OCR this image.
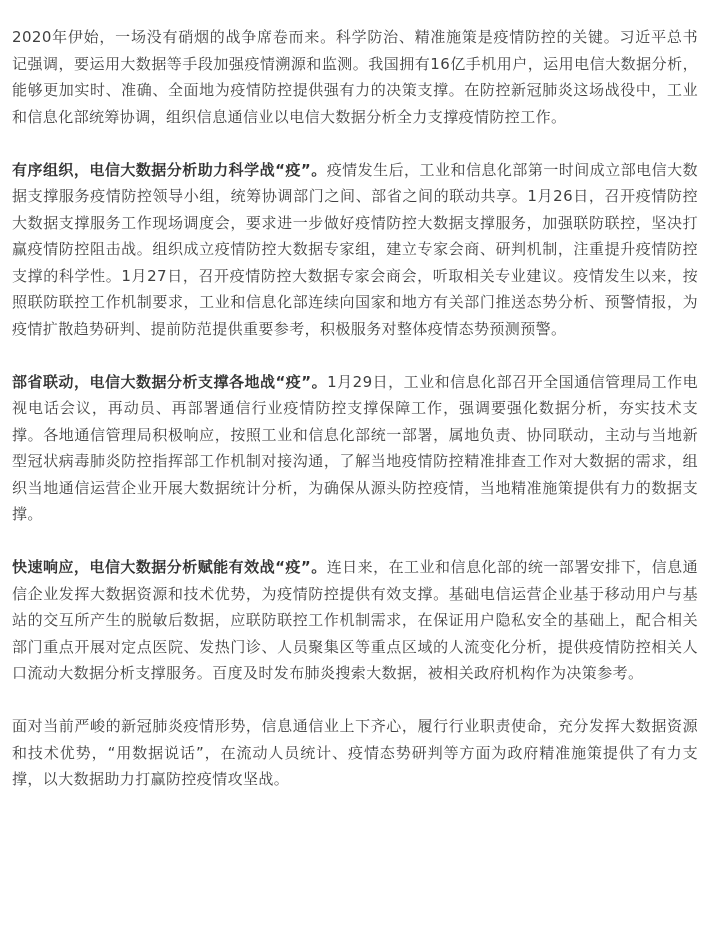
2020年伊始，一场没有硝烟的战争席卷而来。科学防治、精准施策是疫情防控的关键。习近平总书记强调，要运用大数据等手段加强疫情溯源和监测。我国拥有16亿手机用户，运用电信大数据分析，能够更加实时、准确、全面地为疫情防控提供强有力的决策支撑。在防控新冠肺炎这场战役中，工业和信息化部统筹协调，组织信息通信业以电信大数据分析全力支撑疫情防控工作。

有序组织，电信大数据分析助力科学战“疫”。疫情发生后，工业和信息化部第一时间成立部电信大数据支撑服务疫情防控领导小组，统筹协调部门之间、部省之间的联动共享。1月26日，召开疫情防控大数据支撑服务工作现场调度会，要求进一步做好疫情防控大数据支撑服务，加强联防联控，坚决打赢疫情防控阻击战。组织成立疫情防控大数据专家组，建立专家会商、研判机制，注重提升疫情防控支撑的科学性。1月27日，召开疫情防控大数据专家会商会，听取相关专业建议。疫情发生以来，按照联防联控工作机制要求，工业和信息化部连续向国家和地方有关部门推送态势分析、预警情报，为疫情扩散趋势研判、提前防范提供重要参考，积极服务对整体疫情态势预测预警。

部省联动，电信大数据分析支撑各地战“疫”。1月29日，工业和信息化部召开全国通信管理局工作电视电话会议，再动员、再部署通信行业疫情防控支撑保障工作，强调要强化数据分析，夯实技术支撑。各地通信管理局积极响应，按照工业和信息化部统一部署，属地负责、协同联动，主动与当地新型冠状病毒肺炎防控指挥部工作机制对接沟通，了解当地疫情防控精准排查工作对大数据的需求，组织当地通信运营企业开展大数据统计分析，为确保从源头防控疫情，当地精准施策提供有力的数据支撑。

快速响应，电信大数据分析赋能有效战“疫”。连日来，在工业和信息化部的统一部署安排下，信息通信企业发挥大数据资源和技术优势，为疫情防控提供有效支撑。基础电信运营企业基于移动用户与基站的交互所产生的脱敏后数据，应联防联控工作机制需求，在保证用户隐私安全的基础上，配合相关部门重点开展对定点医院、发热门诊、人员聚集区等重点区域的人流变化分析，提供疫情防控相关人口流动大数据分析支撑服务。百度及时发布肺炎搜索大数据，被相关政府机构作为决策参考。

面对当前严峻的新冠肺炎疫情形势，信息通信业上下齐心，履行行业职责使命，充分发挥大数据资源和技术优势，“用数据说话”，在流动人员统计、疫情态势研判等方面为政府精准施策提供了有力支撑，以大数据助力打赢防控疫情攻坚战。
